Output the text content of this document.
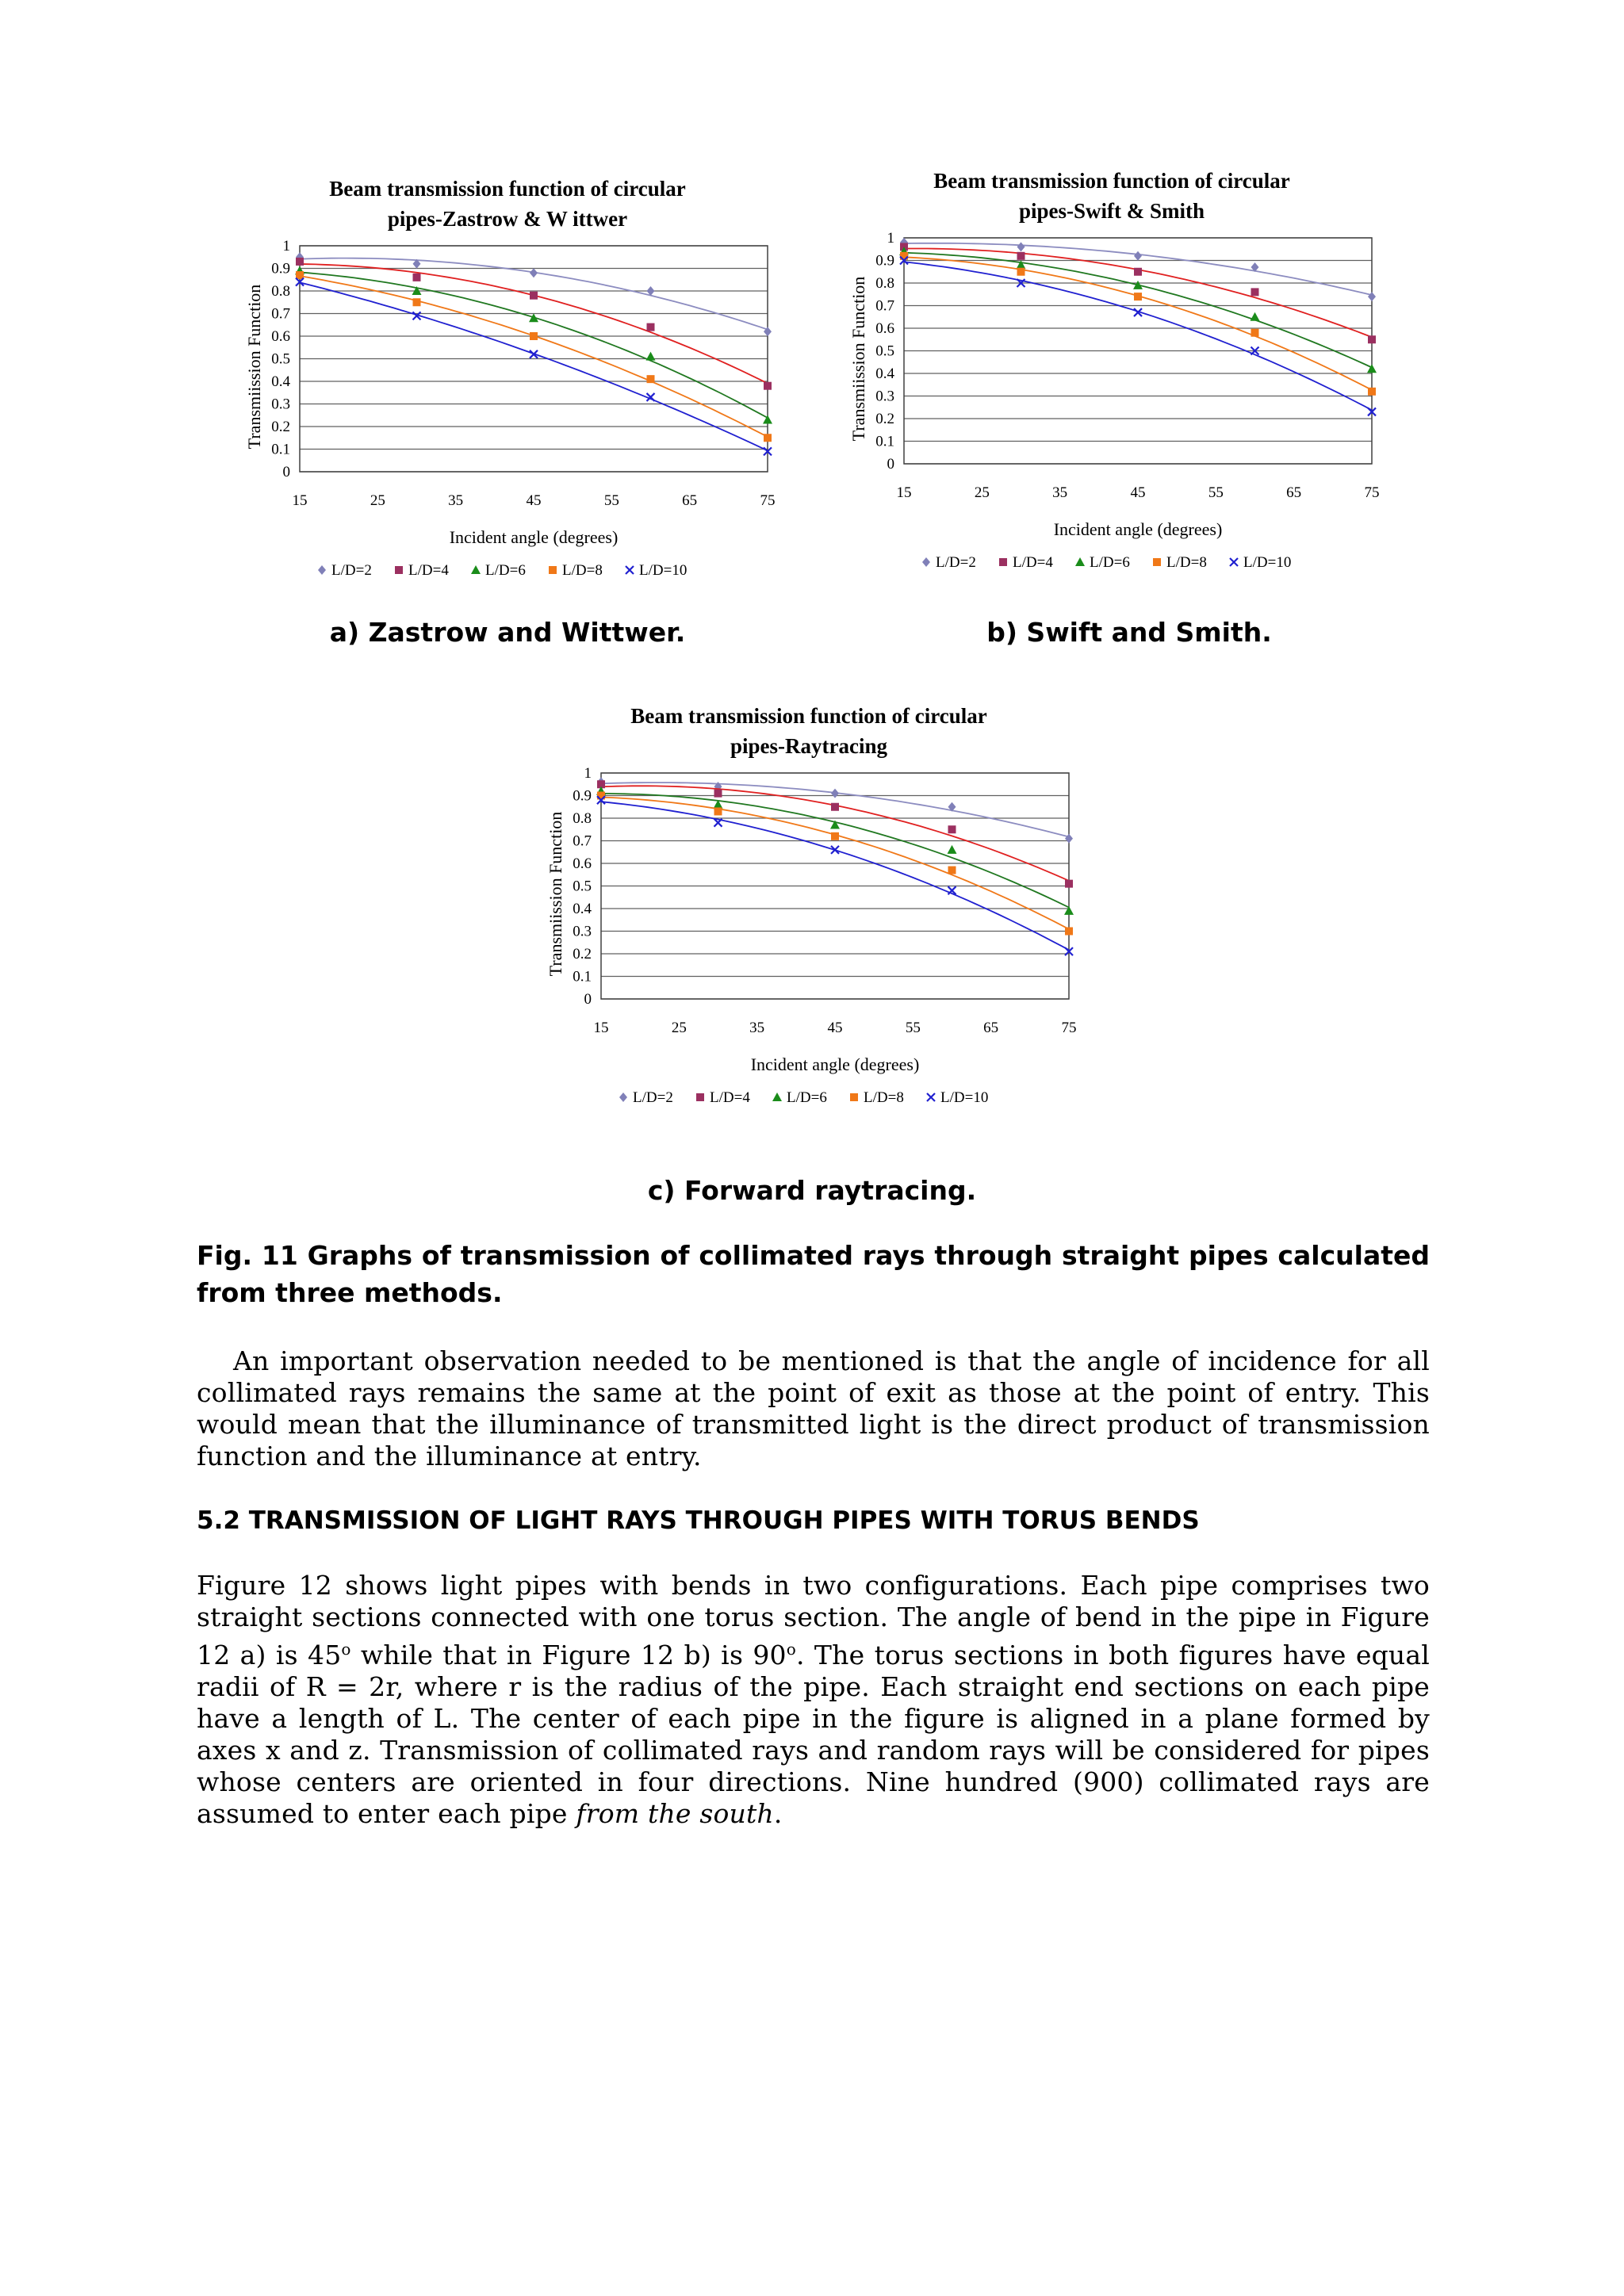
Beam transmission function of circular
pipes-Zastrow & W ittwer
0
0.1
0.2
0.3
0.4
0.5
0.6
0.7
0.8
0.9
1
15	25	35	45	55	65	75
Incident angle (degrees)
Transmiission Function
L/D=2 L/D=4 L/D=6 L/D=8 L/D=10
Beam transmission function of circular
pipes-Swift & Smith
0
0.1
0.2
0.3
0.4
0.5
0.6
0.7
0.8
0.9
1
15	25	35	45	55	65	75
Incident angle (degrees)
Transmiission Function
L/D=2 L/D=4 L/D=6 L/D=8 L/D=10
a) Zastrow and Wittwer.	b) Swift and Smith.
Beam transmission function of circular
pipes-Raytracing
0
0.1
0.2
0.3
0.4
0.5
0.6
0.7
0.8
0.9
1
15	25	35	45	55	65	75
Incident angle (degrees)
Transmiission Function
L/D=2 L/D=4 L/D=6 L/D=8 L/D=10
c) Forward raytracing.

Fig. 11 Graphs of transmission of collimated rays through straight pipes calculated from three methods.

An important observation needed to be mentioned is that the angle of incidence for all collimated rays remains the same at the point of exit as those at the point of entry. This would mean that the illuminance of transmitted light is the direct product of transmission function and the illuminance at entry.

5.2 TRANSMISSION OF LIGHT RAYS THROUGH PIPES WITH TORUS BENDS

Figure 12 shows light pipes with bends in two configurations. Each pipe comprises two straight sections connected with one torus section. The angle of bend in the pipe in Figure 12 a) is 45$^o$ while that in Figure 12 b) is 90$^o$. The torus sections in both figures have equal radii of R = 2r, where r is the radius of the pipe. Each straight end sections on each pipe have a length of L. The center of each pipe in the figure is aligned in a plane formed by axes x and z. Transmission of collimated rays and random rays will be considered for pipes whose centers are oriented in four directions. Nine hundred (900) collimated rays are assumed to enter each pipe from the south.
